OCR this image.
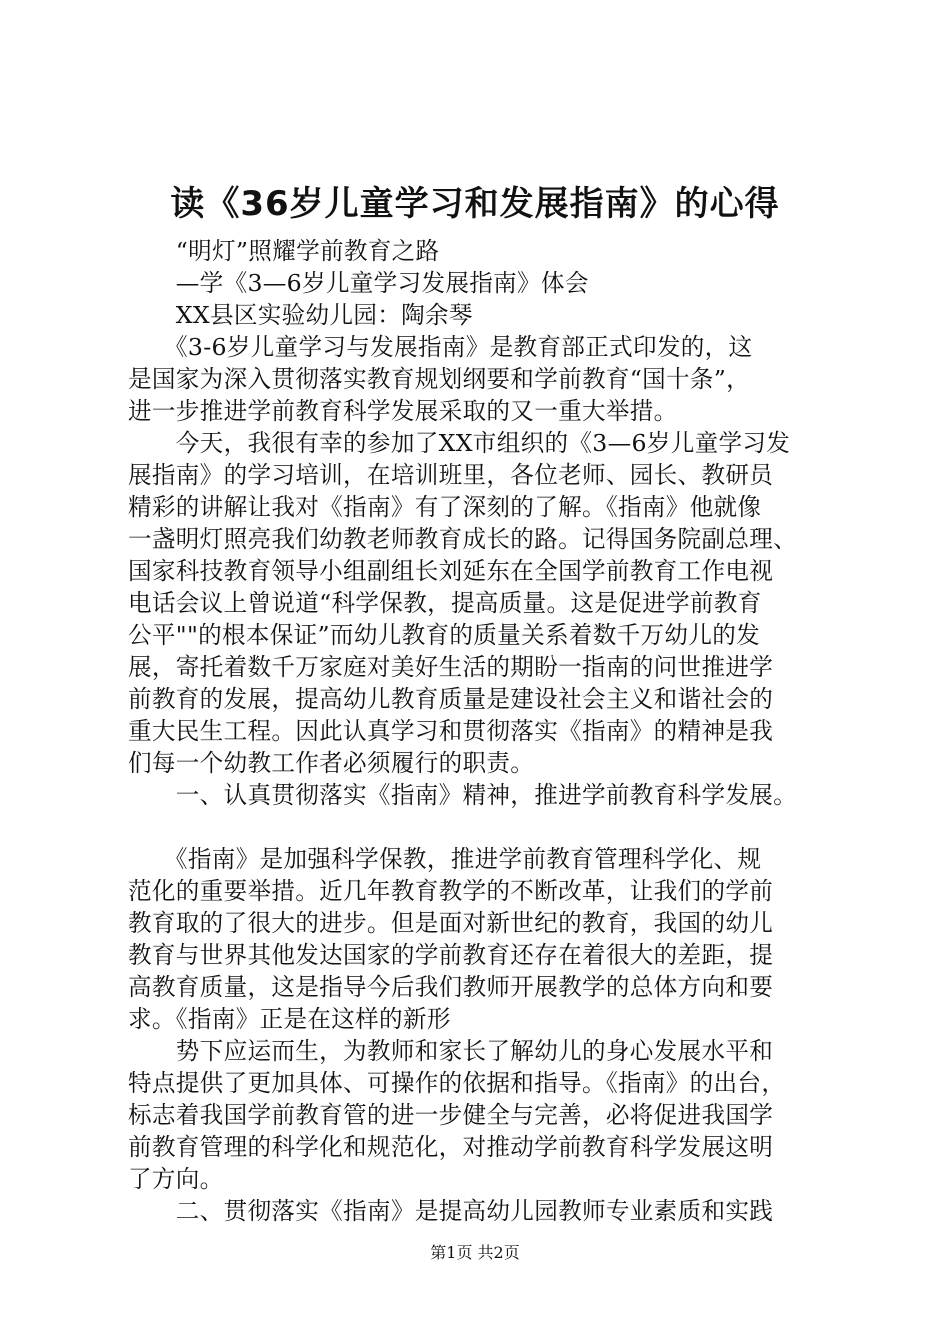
读《36岁儿童学习和发展指南》的心得
　　“明灯”照耀学前教育之路
　　—学《3—6岁儿童学习发展指南》体会
　　XX县区实验幼儿园：陶余琴
　　《3-6岁儿童学习与发展指南》是教育部正式印发的，这
是国家为深入贯彻落实教育规划纲要和学前教育“国十条”，
进一步推进学前教育科学发展采取的又一重大举措。
　　今天，我很有幸的参加了XX市组织的《3—6岁儿童学习发
展指南》的学习培训，在培训班里，各位老师、园长、教研员
精彩的讲解让我对《指南》有了深刻的了解。《指南》他就像
一盏明灯照亮我们幼教老师教育成长的路。记得国务院副总理、
国家科技教育领导小组副组长刘延东在全国学前教育工作电视
电话会议上曾说道“科学保教，提高质量。这是促进学前教育
公平""的根本保证”而幼儿教育的质量关系着数千万幼儿的发
展，寄托着数千万家庭对美好生活的期盼一指南的问世推进学
前教育的发展，提高幼儿教育质量是建设社会主义和谐社会的
重大民生工程。因此认真学习和贯彻落实《指南》的精神是我
们每一个幼教工作者必须履行的职责。
　　一、认真贯彻落实《指南》精神，推进学前教育科学发展。
　　《指南》是加强科学保教，推进学前教育管理科学化、规
范化的重要举措。近几年教育教学的不断改革，让我们的学前
教育取的了很大的进步。但是面对新世纪的教育，我国的幼儿
教育与世界其他发达国家的学前教育还存在着很大的差距，提
高教育质量，这是指导今后我们教师开展教学的总体方向和要
求。《指南》正是在这样的新形
　　势下应运而生，为教师和家长了解幼儿的身心发展水平和
特点提供了更加具体、可操作的依据和指导。《指南》的出台，
标志着我国学前教育管的进一步健全与完善，必将促进我国学
前教育管理的科学化和规范化，对推动学前教育科学发展这明
了方向。
　　二、贯彻落实《指南》是提高幼儿园教师专业素质和实践
第1页 共2页
